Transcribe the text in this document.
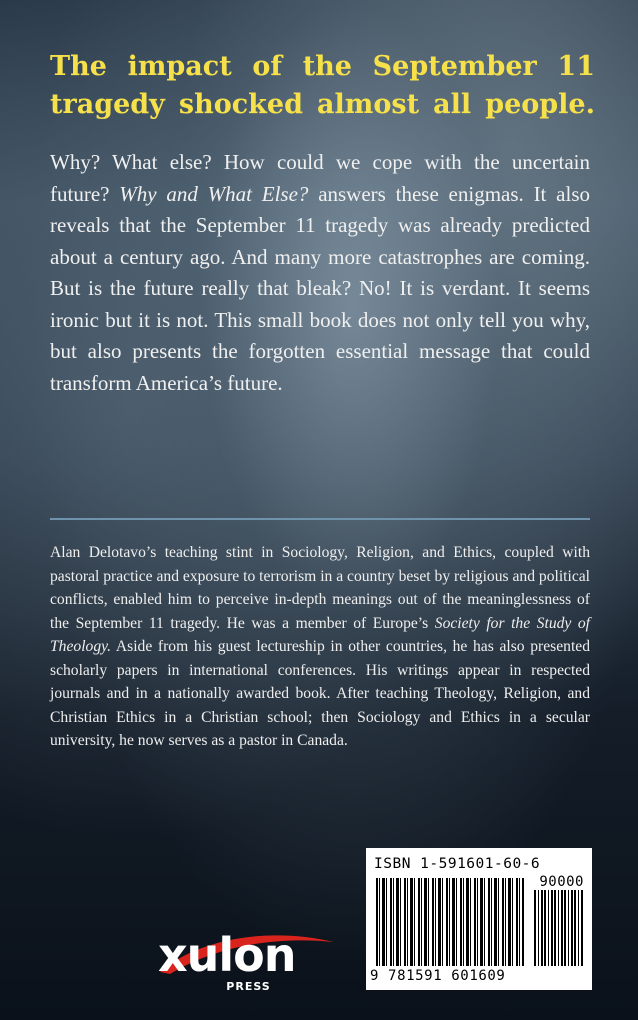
The impact of the September 11
tragedy shocked almost all people.

Why? What else? How could we cope with the uncertain future? Why and What Else? answers these enigmas. It also reveals that the September 11 tragedy was already predicted about a century ago. And many more catastrophes are coming. But is the future really that bleak? No! It is verdant. It seems ironic but it is not. This small book does not only tell you why, but also presents the forgotten essential message that could transform America’s future.

Alan Delotavo’s teaching stint in Sociology, Religion, and Ethics, coupled with pastoral practice and exposure to terrorism in a country beset by religious and political conflicts, enabled him to perceive in-depth meanings out of the meaninglessness of the September 11 tragedy. He was a member of Europe’s Society for the Study of Theology. Aside from his guest lectureship in other countries, he has also presented scholarly papers in international conferences. His writings appear in respected journals and in a nationally awarded book. After teaching Theology, Religion, and Christian Ethics in a Christian school; then Sociology and Ethics in a secular university, he now serves as a pastor in Canada.

ISBN 1-591601-60-6
90000
9 781591 601609
xulon
PRESS
